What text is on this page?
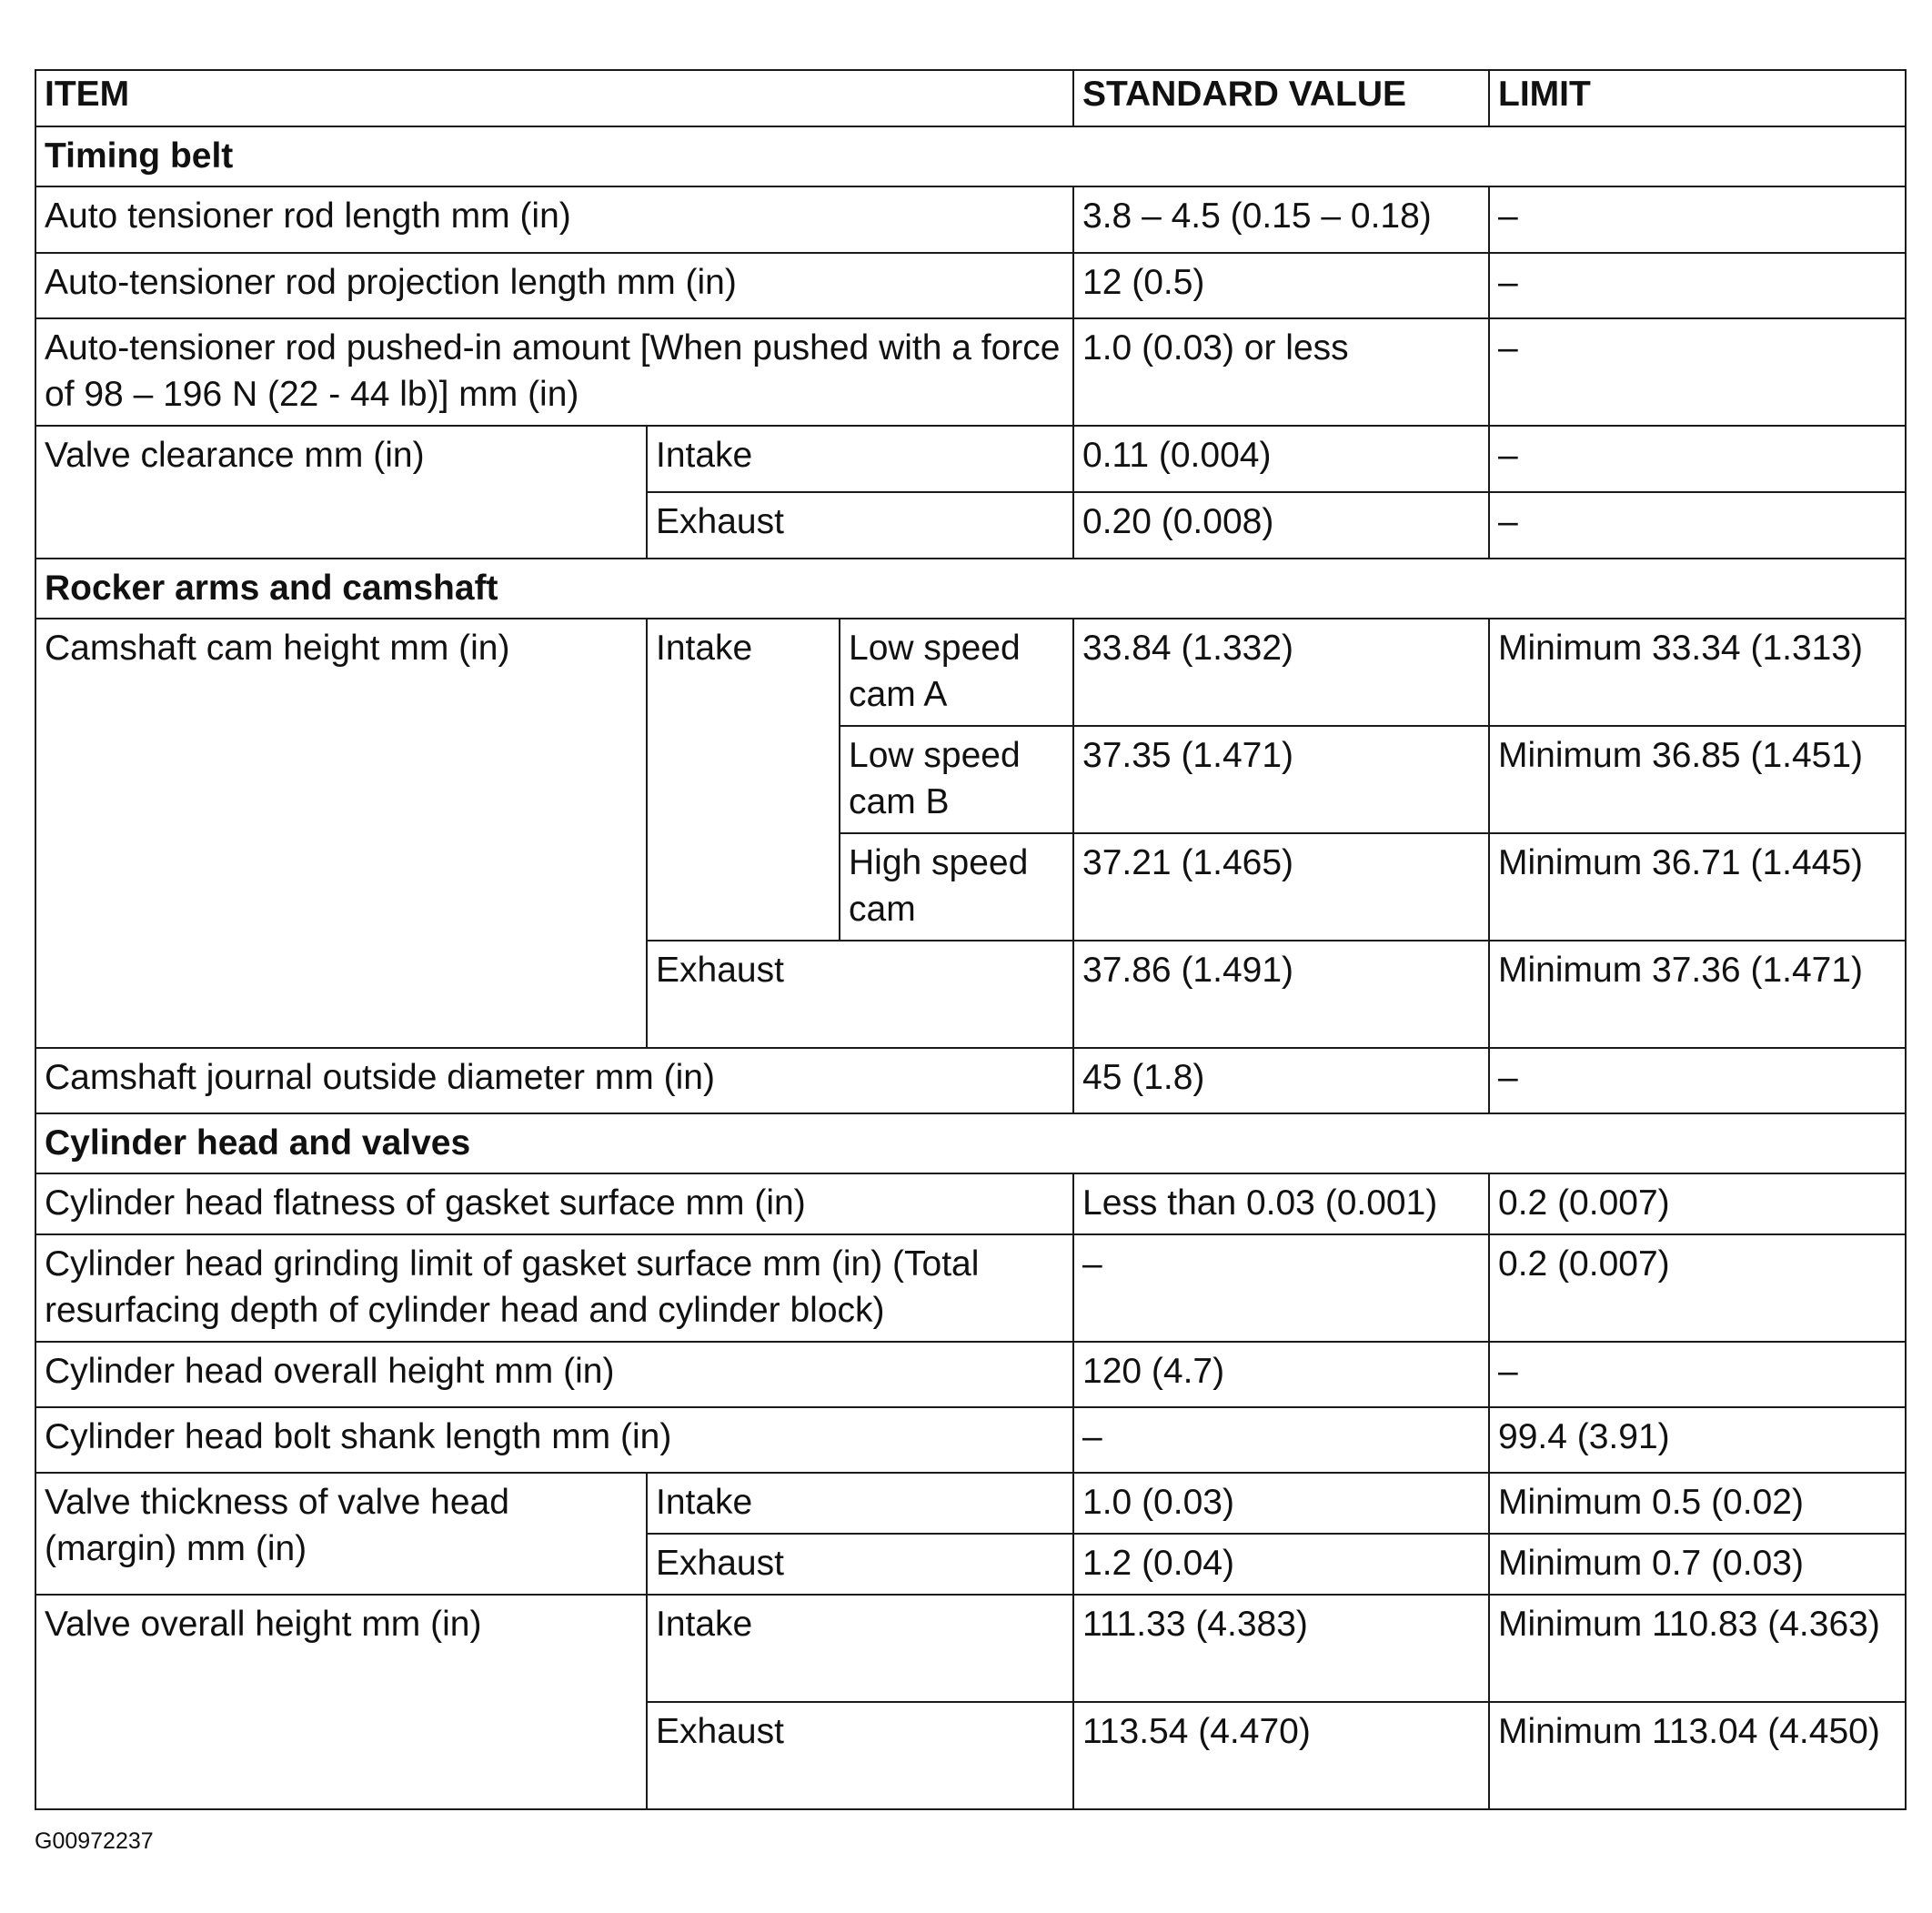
ITEM			STANDARD VALUE	LIMIT
Timing belt				
Auto tensioner rod length mm (in)			3.8 – 4.5 (0.15 – 0.18)	–
Auto-tensioner rod projection length mm (in)			12 (0.5)	–
Auto-tensioner rod pushed-in amount [When pushed with a force of 98 – 196 N (22 - 44 lb)] mm (in)			1.0 (0.03) or less	–
Valve clearance mm (in)	Intake		0.11 (0.004)	–
	Exhaust		0.20 (0.008)	–
Rocker arms and camshaft				
Camshaft cam height mm (in)	Intake	Low speed cam A	33.84 (1.332)	Minimum 33.34 (1.313)
		Low speed cam B	37.35 (1.471)	Minimum 36.85 (1.451)
		High speed cam	37.21 (1.465)	Minimum 36.71 (1.445)
	Exhaust		37.86 (1.491)	Minimum 37.36 (1.471)
Camshaft journal outside diameter mm (in)			45 (1.8)	–
Cylinder head and valves				
Cylinder head flatness of gasket surface mm (in)			Less than 0.03 (0.001)	0.2 (0.007)
Cylinder head grinding limit of gasket surface mm (in) (Total resurfacing depth of cylinder head and cylinder block)			–	0.2 (0.007)
Cylinder head overall height mm (in)			120 (4.7)	–
Cylinder head bolt shank length mm (in)			–	99.4 (3.91)
Valve thickness of valve head (margin) mm (in)	Intake		1.0 (0.03)	Minimum 0.5 (0.02)
	Exhaust		1.2 (0.04)	Minimum 0.7 (0.03)
Valve overall height mm (in)	Intake		111.33 (4.383)	Minimum 110.83 (4.363)
	Exhaust		113.54 (4.470)	Minimum 113.04 (4.450)
G00972237
